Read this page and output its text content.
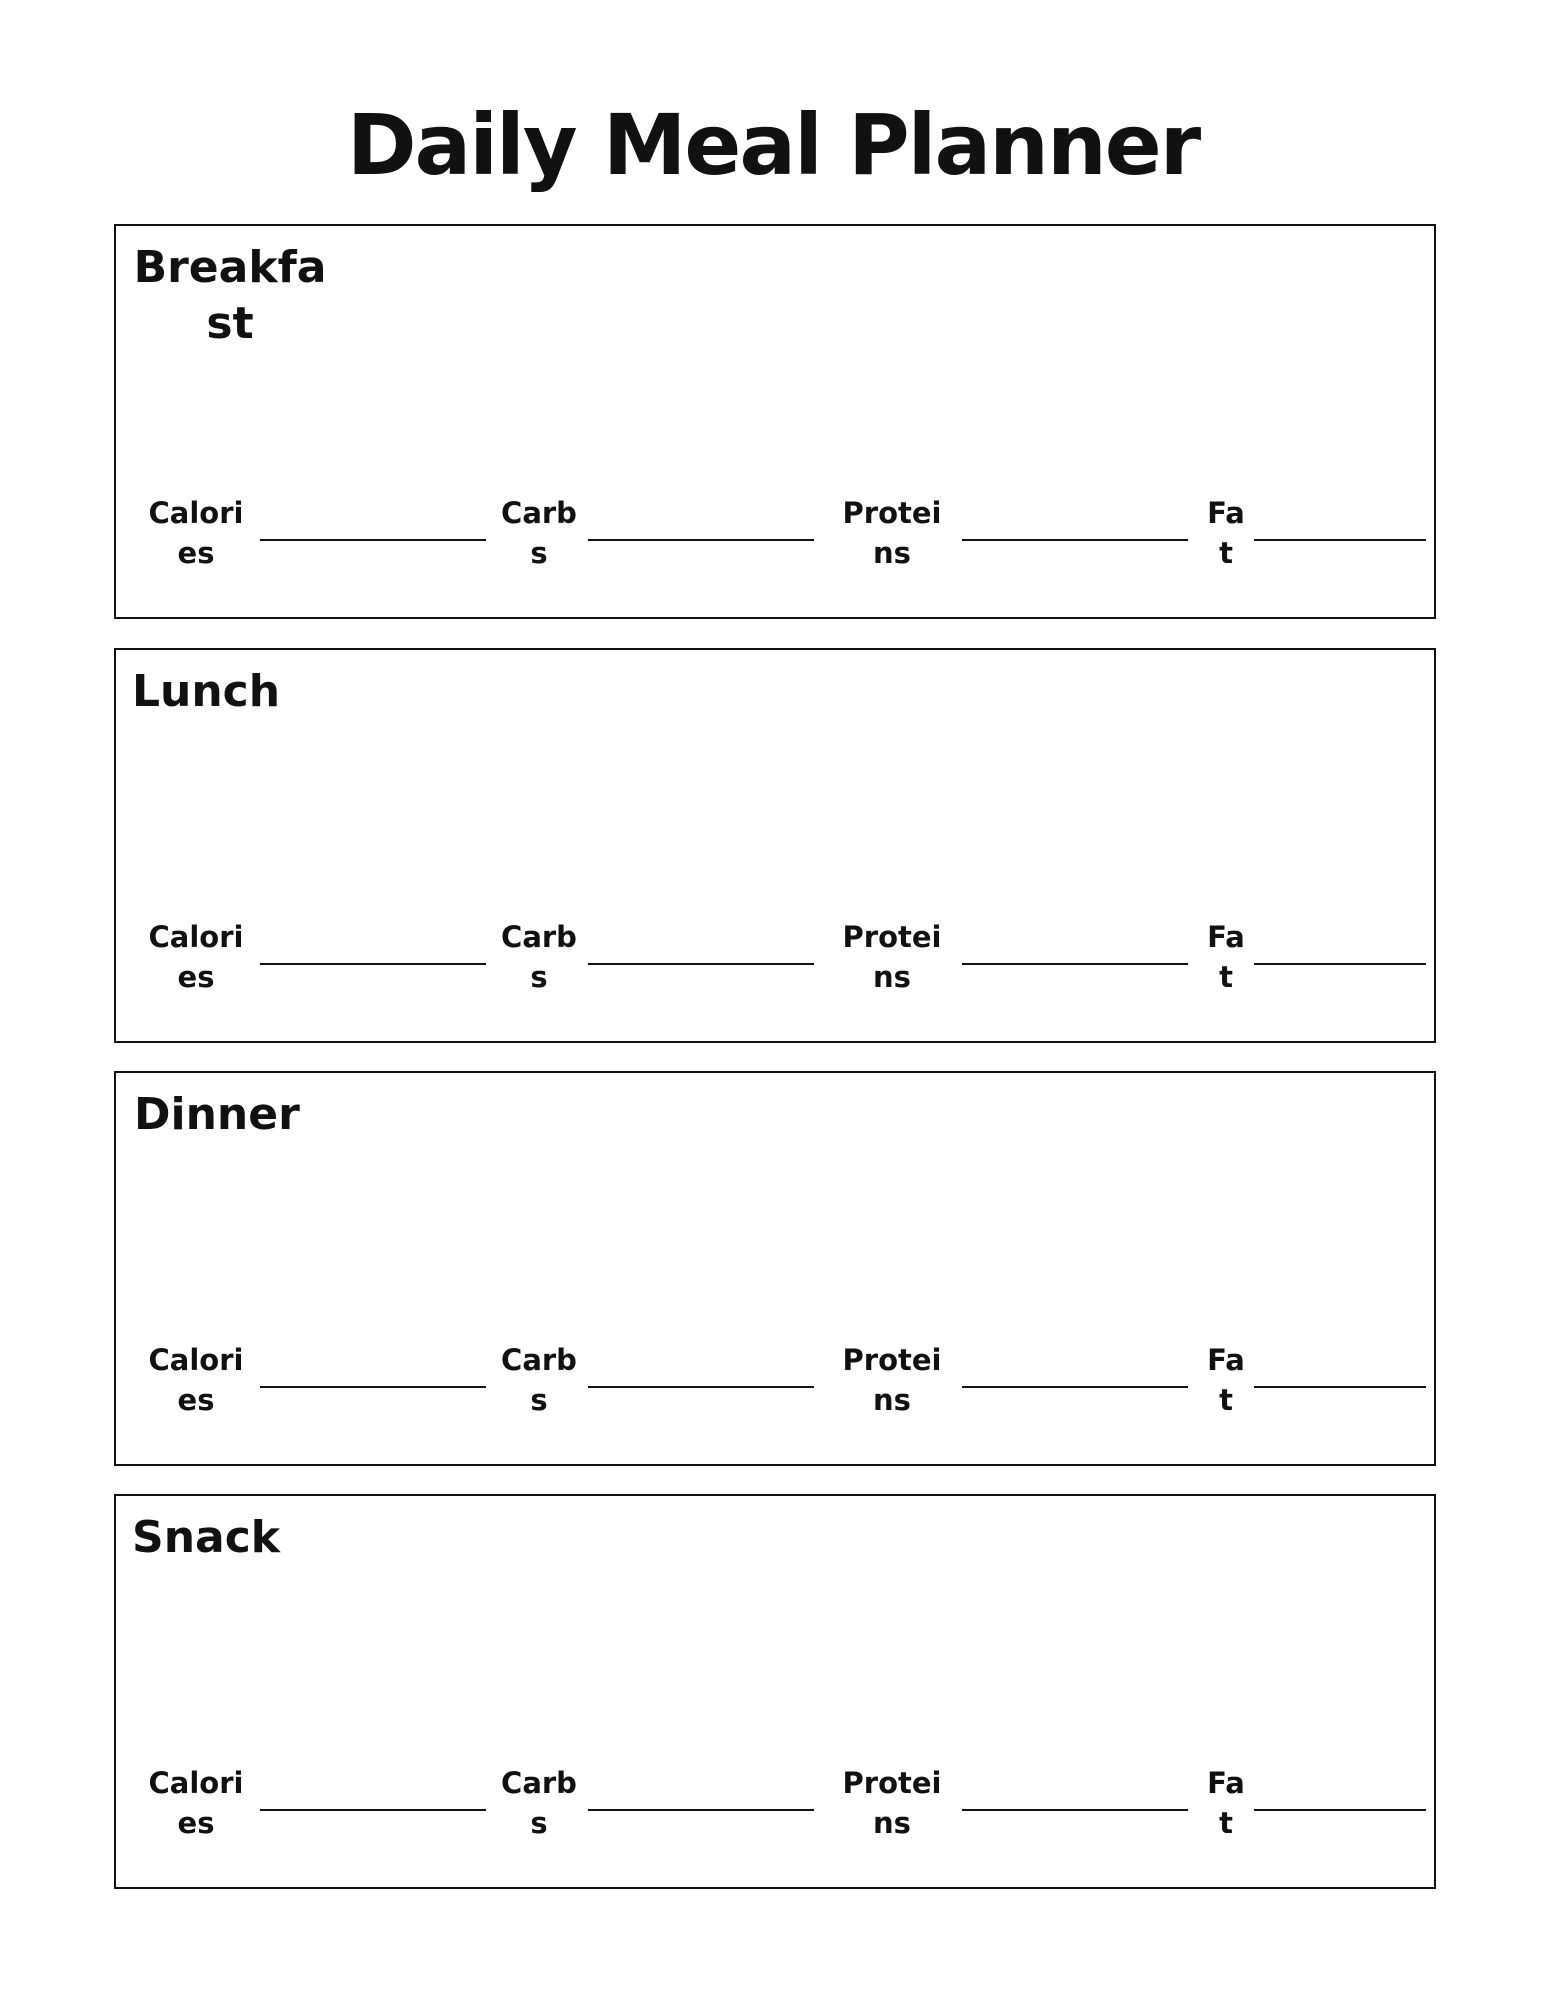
Daily Meal Planner
Breakfast
Calories
Carbs
Proteins
Fat
Lunch
Calories
Carbs
Proteins
Fat
Dinner
Calories
Carbs
Proteins
Fat
Snack
Calories
Carbs
Proteins
Fat
